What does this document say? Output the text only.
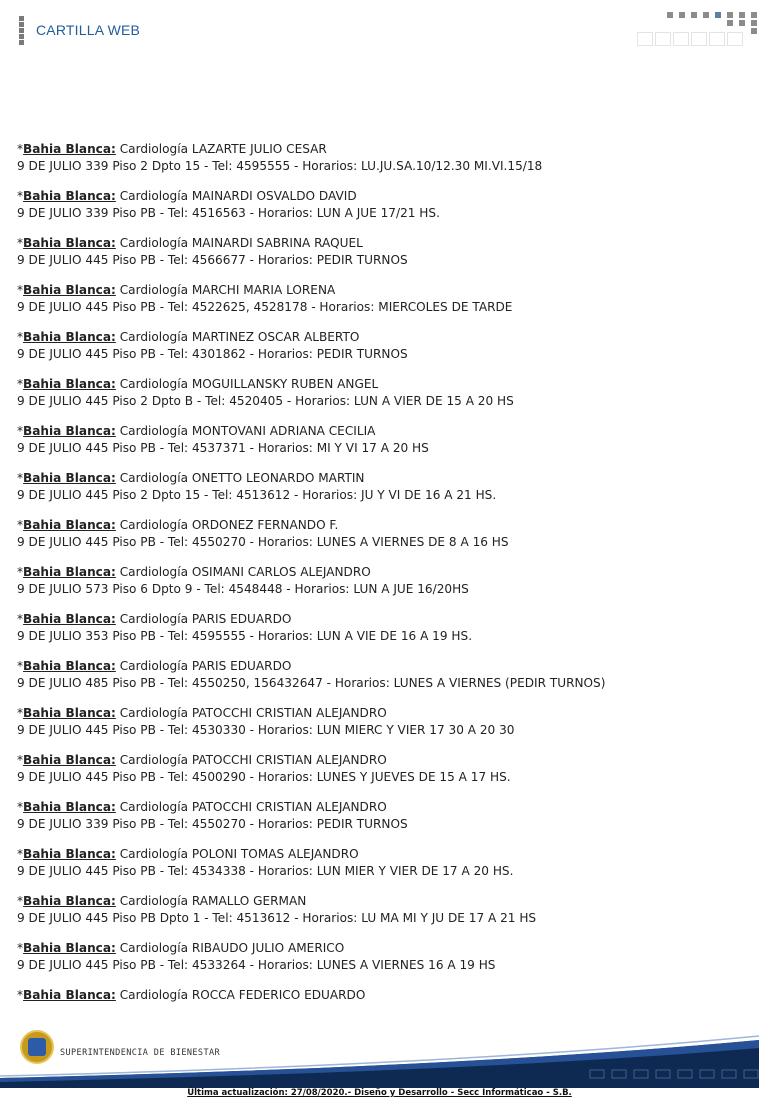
CARTILLA WEB
*Bahia Blanca: Cardiología LAZARTE JULIO CESAR
9 DE JULIO 339 Piso 2 Dpto 15 - Tel: 4595555 - Horarios: LU.JU.SA.10/12.30 MI.VI.15/18
*Bahia Blanca: Cardiología MAINARDI OSVALDO DAVID
9 DE JULIO 339 Piso PB - Tel: 4516563 - Horarios: LUN A JUE 17/21 HS.
*Bahia Blanca: Cardiología MAINARDI SABRINA RAQUEL
9 DE JULIO 445 Piso PB - Tel: 4566677 - Horarios: PEDIR TURNOS
*Bahia Blanca: Cardiología MARCHI MARIA LORENA
9 DE JULIO 445 Piso PB - Tel: 4522625, 4528178 - Horarios: MIERCOLES DE TARDE
*Bahia Blanca: Cardiología MARTINEZ OSCAR ALBERTO
9 DE JULIO 445 Piso PB - Tel: 4301862 - Horarios: PEDIR TURNOS
*Bahia Blanca: Cardiología MOGUILLANSKY RUBEN ANGEL
9 DE JULIO 445 Piso 2 Dpto B - Tel: 4520405 - Horarios: LUN A VIER DE 15 A 20 HS
*Bahia Blanca: Cardiología MONTOVANI ADRIANA CECILIA
9 DE JULIO 445 Piso PB - Tel: 4537371 - Horarios: MI Y VI 17 A 20 HS
*Bahia Blanca: Cardiología ONETTO LEONARDO MARTIN
9 DE JULIO 445 Piso 2 Dpto 15 - Tel: 4513612 - Horarios: JU Y VI DE 16 A 21 HS.
*Bahia Blanca: Cardiología ORDONEZ FERNANDO F.
9 DE JULIO 445 Piso PB - Tel: 4550270 - Horarios: LUNES A VIERNES DE 8 A 16 HS
*Bahia Blanca: Cardiología OSIMANI CARLOS ALEJANDRO
9 DE JULIO 573 Piso 6 Dpto 9 - Tel: 4548448 - Horarios: LUN A JUE 16/20HS
*Bahia Blanca: Cardiología PARIS EDUARDO
9 DE JULIO 353 Piso PB - Tel: 4595555 - Horarios: LUN A VIE DE 16 A 19 HS.
*Bahia Blanca: Cardiología PARIS EDUARDO
9 DE JULIO 485 Piso PB - Tel: 4550250, 156432647 - Horarios: LUNES A VIERNES (PEDIR TURNOS)
*Bahia Blanca: Cardiología PATOCCHI CRISTIAN ALEJANDRO
9 DE JULIO 445 Piso PB - Tel: 4530330 - Horarios: LUN MIERC Y VIER 17 30 A 20 30
*Bahia Blanca: Cardiología PATOCCHI CRISTIAN ALEJANDRO
9 DE JULIO 445 Piso PB - Tel: 4500290 - Horarios: LUNES Y JUEVES DE 15 A 17 HS.
*Bahia Blanca: Cardiología PATOCCHI CRISTIAN ALEJANDRO
9 DE JULIO 339 Piso PB - Tel: 4550270 - Horarios: PEDIR TURNOS
*Bahia Blanca: Cardiología POLONI TOMAS ALEJANDRO
9 DE JULIO 445 Piso PB - Tel: 4534338 - Horarios: LUN MIER Y VIER DE 17 A 20 HS.
*Bahia Blanca: Cardiología RAMALLO GERMAN
9 DE JULIO 445 Piso PB Dpto 1 - Tel: 4513612 - Horarios: LU MA MI Y JU DE 17 A 21 HS
*Bahia Blanca: Cardiología RIBAUDO JULIO AMERICO
9 DE JULIO 445 Piso PB - Tel: 4533264 - Horarios: LUNES A VIERNES 16 A 19 HS
*Bahia Blanca: Cardiología ROCCA FEDERICO EDUARDO
SUPERINTENDENCIA DE BIENESTAR
Última actualización: 27/08/2020.- Diseño y Desarrollo - Secc Informáticao - S.B.
